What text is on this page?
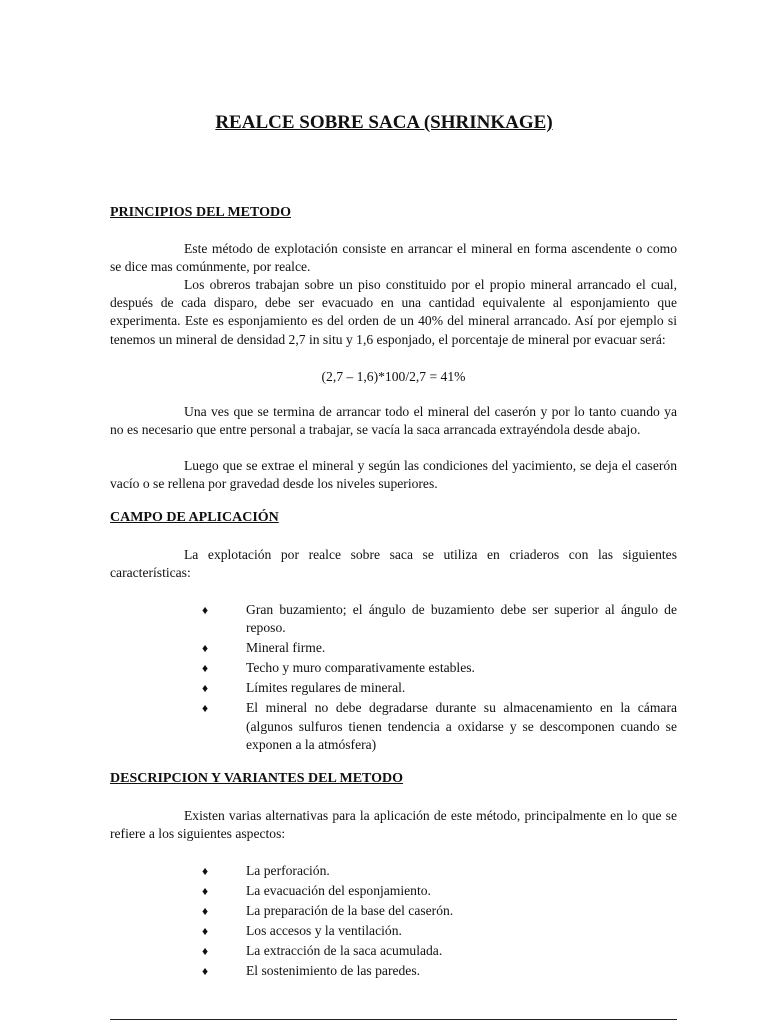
REALCE SOBRE SACA (SHRINKAGE)
PRINCIPIOS DEL METODO

Este método de explotación consiste en arrancar el mineral en forma ascendente o como se dice mas comúnmente, por realce.

Los obreros trabajan sobre un piso constituido por el propio mineral arrancado el cual, después de cada disparo, debe ser evacuado en una cantidad equivalente al esponjamiento que experimenta. Este es esponjamiento es del orden de un 40% del mineral arrancado. Así por ejemplo si tenemos un mineral de densidad 2,7 in situ y 1,6 esponjado, el porcentaje de mineral por evacuar será:

(2,7 – 1,6)*100/2,7 = 41%

Una ves que se termina de arrancar todo el mineral del caserón y por lo tanto cuando ya no es necesario que entre personal a trabajar, se vacía la saca arrancada extrayéndola desde abajo.

Luego que se extrae el mineral y según las condiciones del yacimiento, se deja el caserón vacío o se rellena por gravedad desde los niveles superiores.

CAMPO DE APLICACIÓN

La explotación por realce sobre saca se utiliza en criaderos con las siguientes características:

♦	Gran buzamiento; el ángulo de buzamiento debe ser superior al ángulo de reposo.
♦	Mineral firme.
♦	Techo y muro comparativamente estables.
♦	Límites regulares de mineral.
♦	El mineral no debe degradarse durante su almacenamiento en la cámara (algunos sulfuros tienen tendencia a oxidarse y se descomponen cuando se exponen a la atmósfera)
DESCRIPCION Y VARIANTES DEL METODO

Existen varias alternativas para la aplicación de este método, principalmente en lo que se refiere a los siguientes aspectos:

♦	La perforación.
♦	La evacuación del esponjamiento.
♦	La preparación de la base del caserón.
♦	Los accesos y la ventilación.
♦	La extracción de la saca acumulada.
♦	El sostenimiento de las paredes.
